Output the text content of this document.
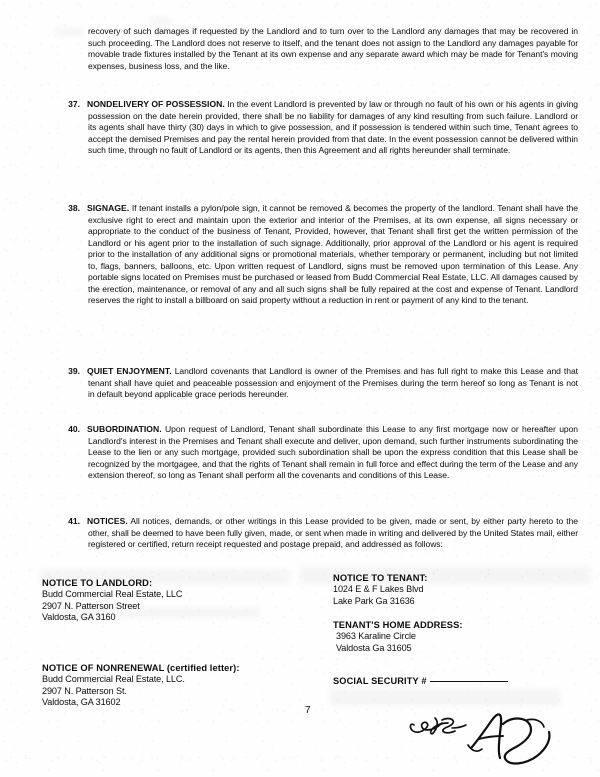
recovery of such damages if requested by the Landlord and to turn over to the Landlord any damages that may be recovered in such proceeding. The Landlord does not reserve to itself, and the tenant does not assign to the Landlord any damages payable for movable trade fixtures installed by the Tenant at its own expense and any separate award which may be made for Tenant's moving expenses, business loss, and the like.
37. NONDELIVERY OF POSSESSION. In the event Landlord is prevented by law or through no fault of his own or his agents in giving possession on the date herein provided, there shall be no liability for damages of any kind resulting from such failure. Landlord or its agents shall have thirty (30) days in which to give possession, and if possession is tendered within such time, Tenant agrees to accept the demised Premises and pay the rental herein provided from that date. In the event possession cannot be delivered within such time, through no fault of Landlord or its agents, then this Agreement and all rights hereunder shall terminate.
38. SIGNAGE. If tenant installs a pylon/pole sign, it cannot be removed & becomes the property of the landlord. Tenant shall have the exclusive right to erect and maintain upon the exterior and interior of the Premises, at its own expense, all signs necessary or appropriate to the conduct of the business of Tenant, Provided, however, that Tenant shall first get the written permission of the Landlord or his agent prior to the installation of such signage. Additionally, prior approval of the Landlord or his agent is required prior to the installation of any additional signs or promotional materials, whether temporary or permanent, including but not limited to, flags, banners, balloons, etc. Upon written request of Landlord, signs must be removed upon termination of this Lease. Any portable signs located on Premises must be purchased or leased from Budd Commercial Real Estate, LLC. All damages caused by the erection, maintenance, or removal of any and all such signs shall be fully repaired at the cost and expense of Tenant. Landlord reserves the right to install a billboard on said property without a reduction in rent or payment of any kind to the tenant.
39. QUIET ENJOYMENT. Landlord covenants that Landlord is owner of the Premises and has full right to make this Lease and that tenant shall have quiet and peaceable possession and enjoyment of the Premises during the term hereof so long as Tenant is not in default beyond applicable grace periods hereunder.
40. SUBORDINATION. Upon request of Landlord, Tenant shall subordinate this Lease to any first mortgage now or hereafter upon Landlord's interest in the Premises and Tenant shall execute and deliver, upon demand, such further instruments subordinating the Lease to the lien or any such mortgage, provided such subordination shall be upon the express condition that this Lease shall be recognized by the mortgagee, and that the rights of Tenant shall remain in full force and effect during the term of the Lease and any extension thereof, so long as Tenant shall perform all the covenants and conditions of this Lease.
41. NOTICES. All notices, demands, or other writings in this Lease provided to be given, made or sent, by either party hereto to the other, shall be deemed to have been fully given, made, or sent when made in writing and delivered by the United States mail, either registered or certified, return receipt requested and postage prepaid, and addressed as follows:
NOTICE TO LANDLORD:
Budd Commercial Real Estate, LLC
2907 N. Patterson Street
Valdosta, GA 3160
NOTICE TO TENANT:
1024 E & F Lakes Blvd
Lake Park Ga 31636
TENANT'S HOME ADDRESS:
3963 Karaline Circle
Valdosta Ga 31605
NOTICE OF NONRENEWAL (certified letter):
Budd Commercial Real Estate, LLC.
2907 N. Patterson St.
Valdosta, GA 31602
SOCIAL SECURITY #
7
